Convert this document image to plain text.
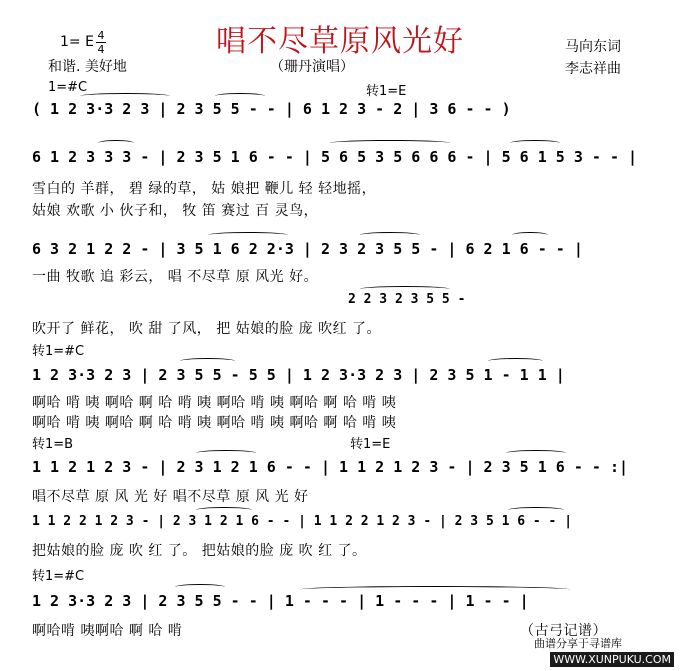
唱不尽草原风光好
1= E 4
4
和谐. 美好地	（珊丹演唱）
马向东词
李志祥曲
1=#C	转1=E
转1=#C
转1=B	转1=E
转1=#C
( 1 2 3·3 2 3 | 2 3 5 5 - - | 6 1 2 3 - 2 | 3 6 - - )
6 1 2 3 3 3 - | 2 3 5 1 6 - - | 5 6 5 3 5 6 6 6 - | 5 6 1 5 3 - - |
雪白的 羊群， 碧 绿的草， 姑 娘把 鞭儿 轻 轻地摇，
姑娘 欢歌 小 伙子和， 牧 笛 赛过 百 灵鸟，
6 3 2 1 2 2 - | 3 5 1 6 2 2·3 | 2 3 2 3 5 5 - | 6 2 1 6 - - |
一曲 牧歌 追 彩云， 唱 不尽草 原 风光 好。
2 2 3 2 3 5 5 -
吹开了 鲜花， 吹 甜 了风， 把 姑娘的脸 庞 吹红 了。
1 2 3·3 2 3 | 2 3 5 5 - 5 5 | 1 2 3·3 2 3 | 2 3 5 1 - 1 1 |
啊哈 啃 咦 啊哈 啊 哈 啃 咦 啊哈 啃 咦 啊哈 啊 哈 啃 咦
啊哈 啃 咦 啊哈 啊 哈 啃 咦 啊哈 啃 咦 啊哈 啊 哈 啃 咦
1 1 2 1 2 3 - | 2 3 1 2 1 6 - - | 1 1 2 1 2 3 - | 2 3 5 1 6 - - :|
唱不尽草 原 风 光 好 唱不尽草 原 风 光 好
1 1 2 2 1 2 3 - | 2 3 1 2 1 6 - - | 1 1 2 2 1 2 3 - | 2 3 5 1 6 - - |
把姑娘的脸 庞 吹 红 了。 把姑娘的脸 庞 吹 红 了。
1 2 3·3 2 3 | 2 3 5 5 - - | 1 - - - | 1 - - - | 1 - - |
啊哈啃 咦啊哈 啊 哈 啃	（古弓记谱）
曲谱分享于寻谱库
WWW.XUNPUKU.COM
